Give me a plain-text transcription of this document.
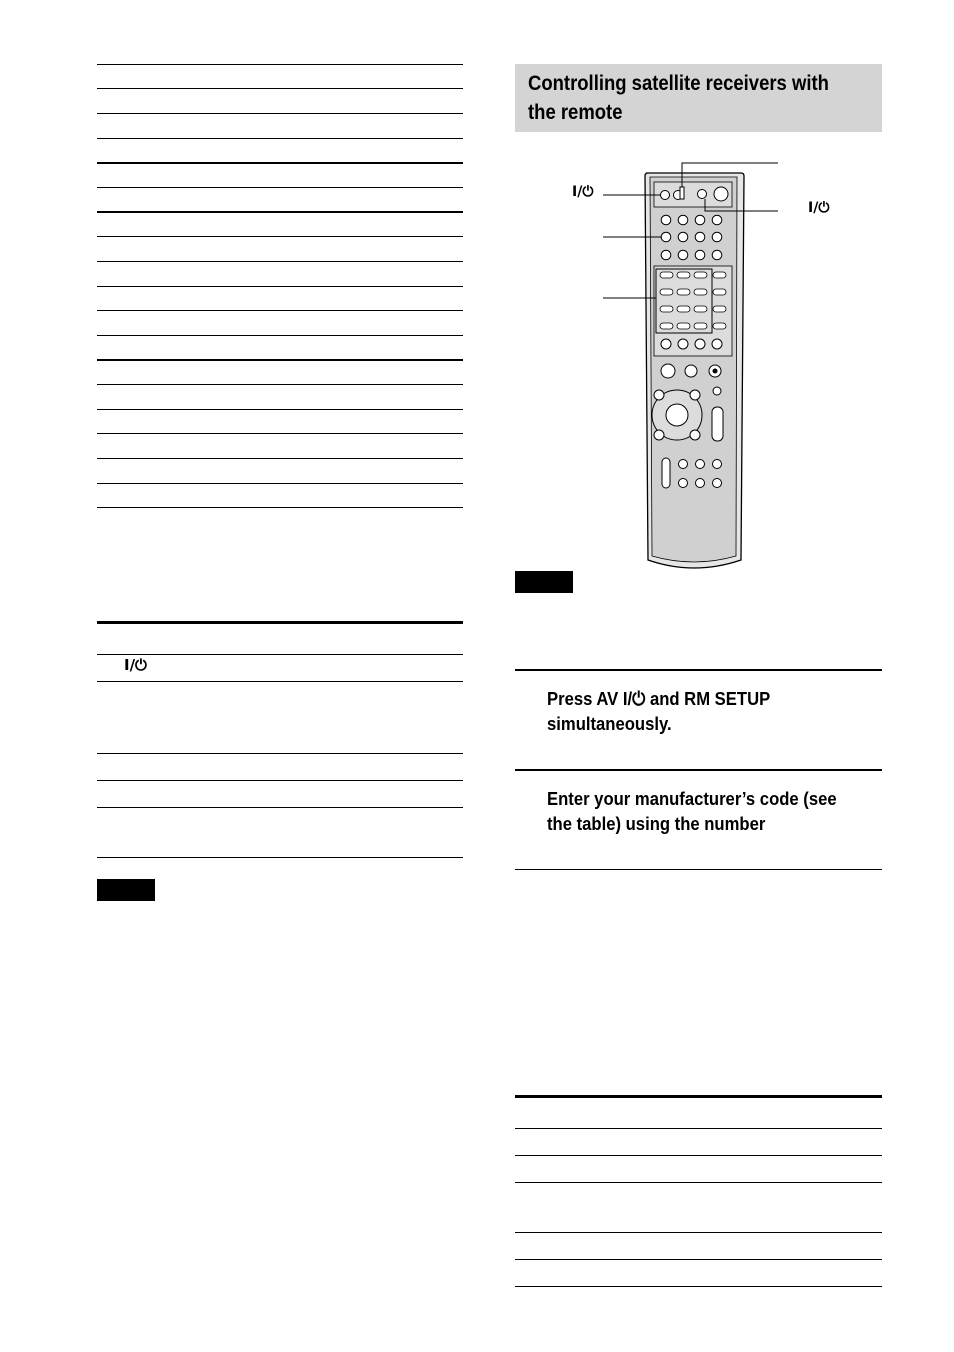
I/⏻
Controlling satellite receivers with the remote
I/⏻
I/⏻
Press AV I/⏻ and RM SETUP simultaneously.
Enter your manufacturer’s code (see the table) using the number
